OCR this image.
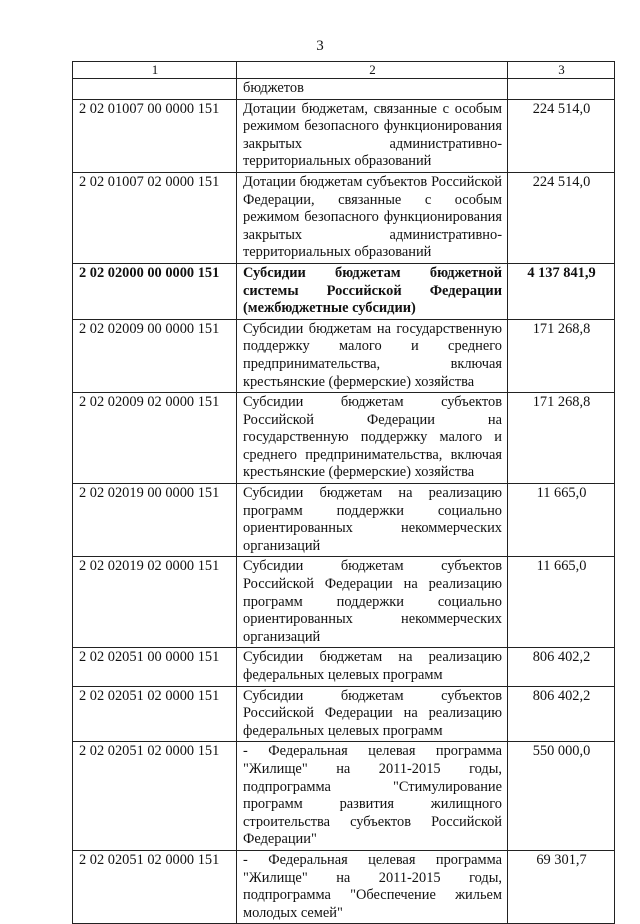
3
1	2	3
	бюджетов	
2 02 01007 00 0000 151	Дотации бюджетам, связанные с особым режимом безопасного функционирования закрытых административно-территориальных образований	224 514,0
2 02 01007 02 0000 151	Дотации бюджетам субъектов Российской Федерации, связанные с особым режимом безопасного функционирования закрытых административно-территориальных образований	224 514,0
2 02 02000 00 0000 151	Субсидии бюджетам бюджетной системы Российской Федерации (межбюджетные субсидии)	4 137 841,9
2 02 02009 00 0000 151	Субсидии бюджетам на государственную поддержку малого и среднего предпринимательства, включая крестьянские (фермерские) хозяйства	171 268,8
2 02 02009 02 0000 151	Субсидии бюджетам субъектов Российской Федерации на государственную поддержку малого и среднего предпринимательства, включая крестьянские (фермерские) хозяйства	171 268,8
2 02 02019 00 0000 151	Субсидии бюджетам на реализацию программ поддержки социально ориентированных некоммерческих организаций	11 665,0
2 02 02019 02 0000 151	Субсидии бюджетам субъектов Российской Федерации на реализацию программ поддержки социально ориентированных некоммерческих организаций	11 665,0
2 02 02051 00 0000 151	Субсидии бюджетам на реализацию федеральных целевых программ	806 402,2
2 02 02051 02 0000 151	Субсидии бюджетам субъектов Российской Федерации на реализацию федеральных целевых программ	806 402,2
2 02 02051 02 0000 151	- Федеральная целевая программа "Жилище" на 2011-2015 годы, подпрограмма "Стимулирование программ развития жилищного строительства субъектов Российской Федерации"	550 000,0
2 02 02051 02 0000 151	- Федеральная целевая программа "Жилище" на 2011-2015 годы, подпрограмма "Обеспечение жильем молодых семей"	69 301,7
